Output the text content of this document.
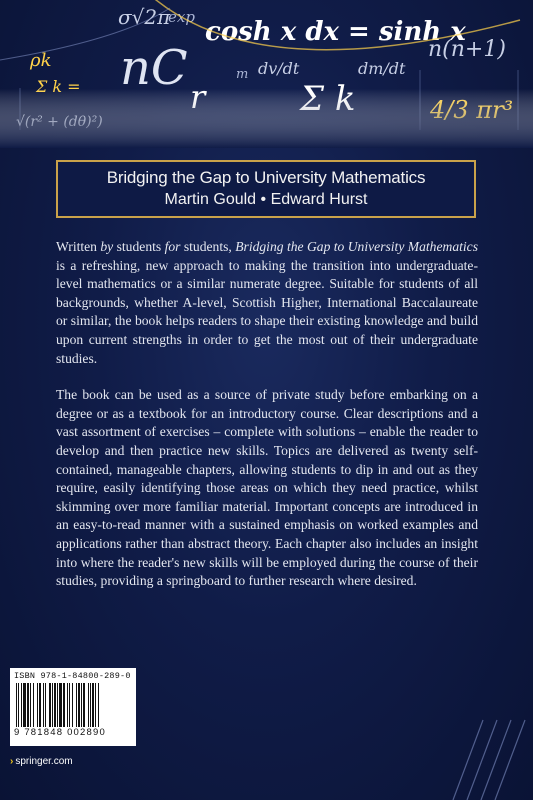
Bridging the Gap to University Mathematics
Martin Gould • Edward Hurst

Written by students for students, Bridging the Gap to University Mathematics is a refreshing, new approach to making the transition into undergraduate-level mathematics or a similar numerate degree. Suitable for students of all backgrounds, whether A-level, Scottish Higher, International Baccalaureate or similar, the book helps readers to shape their existing knowledge and build upon current strengths in order to get the most out of their undergraduate studies.

The book can be used as a source of private study before embarking on a degree or as a textbook for an introductory course. Clear descriptions and a vast assortment of exercises – complete with solutions – enable the reader to develop and then practice new skills. Topics are delivered as twenty self-contained, manageable chapters, allowing students to dip in and out as they require, easily identifying those areas on which they need practice, whilst skimming over more familiar material. Important concepts are introduced in an easy-to-read manner with a sustained emphasis on worked examples and applications rather than abstract theory. Each chapter also includes an insight into where the reader's new skills will be employed during the course of their studies, providing a springboard to further research where desired.

ISBN 978-1-84800-289-0
9 781848 002890
› springer.com
